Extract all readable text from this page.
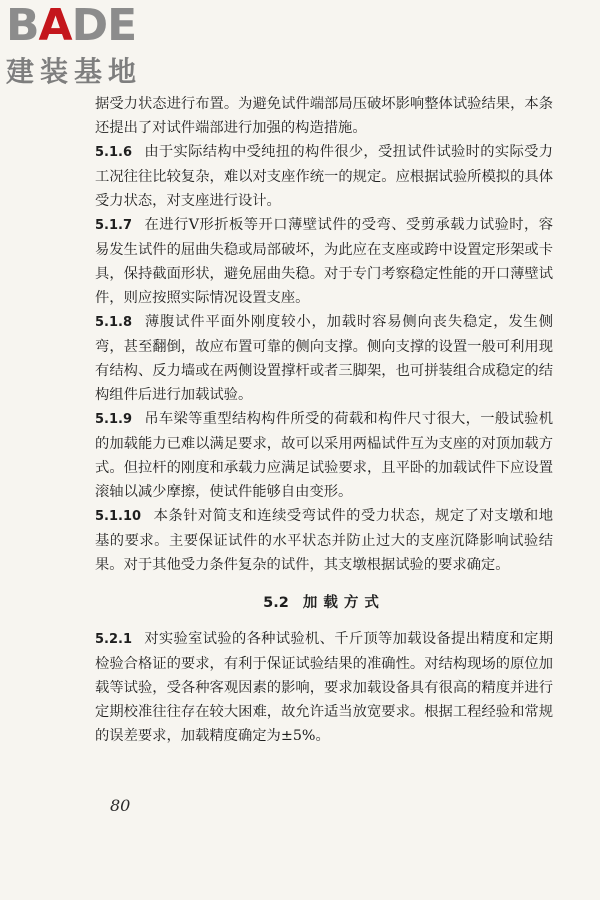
BADE
建装基地

据受力状态进行布置。为避免试件端部局压破坏影响整体试验结果，本条还提出了对试件端部进行加强的构造措施。

5.1.6 由于实际结构中受纯扭的构件很少，受扭试件试验时的实际受力工况往往比较复杂，难以对支座作统一的规定。应根据试验所模拟的具体受力状态，对支座进行设计。

5.1.7 在进行V形折板等开口薄壁试件的受弯、受剪承载力试验时，容易发生试件的屈曲失稳或局部破坏，为此应在支座或跨中设置定形架或卡具，保持截面形状，避免屈曲失稳。对于专门考察稳定性能的开口薄壁试件，则应按照实际情况设置支座。

5.1.8 薄腹试件平面外刚度较小，加载时容易侧向丧失稳定，发生侧弯，甚至翻倒，故应布置可靠的侧向支撑。侧向支撑的设置一般可利用现有结构、反力墙或在两侧设置撑杆或者三脚架，也可拼装组合成稳定的结构组件后进行加载试验。

5.1.9 吊车梁等重型结构构件所受的荷载和构件尺寸很大，一般试验机的加载能力已难以满足要求，故可以采用两榀试件互为支座的对顶加载方式。但拉杆的刚度和承载力应满足试验要求，且平卧的加载试件下应设置滚轴以减少摩擦，使试件能够自由变形。

5.1.10 本条针对简支和连续受弯试件的受力状态，规定了对支墩和地基的要求。主要保证试件的水平状态并防止过大的支座沉降影响试验结果。对于其他受力条件复杂的试件，其支墩根据试验的要求确定。

5.2 加载方式

5.2.1 对实验室试验的各种试验机、千斤顶等加载设备提出精度和定期检验合格证的要求，有利于保证试验结果的准确性。对结构现场的原位加载等试验，受各种客观因素的影响，要求加载设备具有很高的精度并进行定期校准往往存在较大困难，故允许适当放宽要求。根据工程经验和常规的误差要求，加载精度确定为±5%。

80
